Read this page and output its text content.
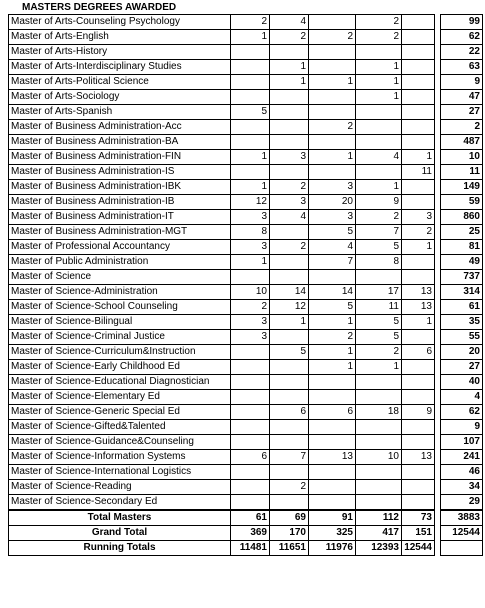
MASTERS DEGREES AWARDED
Master of Arts-Counseling Psychology	2	4		2			99
Master of Arts-English	1	2	2	2			62
Master of Arts-History							22
Master of Arts-Interdisciplinary Studies		1		1			63
Master of Arts-Political Science		1	1	1			9
Master of Arts-Sociology				1			47
Master of Arts-Spanish	5						27
Master of Business Administration-Acc			2				2
Master of Business Administration-BA							487
Master of Business Administration-FIN	1	3	1	4	1		10
Master of Business Administration-IS					11		11
Master of Business Administration-IBK	1	2	3	1			149
Master of Business Administration-IB	12	3	20	9			59
Master of Business Administration-IT	3	4	3	2	3		860
Master of Business Administration-MGT	8		5	7	2		25
Master of Professional Accountancy	3	2	4	5	1		81
Master of Public Administration	1		7	8			49
Master of Science							737
Master of Science-Administration	10	14	14	17	13		314
Master of Science-School Counseling	2	12	5	11	13		61
Master of Science-Bilingual	3	1	1	5	1		35
Master of Science-Criminal Justice	3		2	5			55
Master of Science-Curriculum&Instruction		5	1	2	6		20
Master of Science-Early Childhood Ed			1	1			27
Master of Science-Educational Diagnostician							40
Master of Science-Elementary Ed							4
Master of Science-Generic Special Ed		6	6	18	9		62
Master of Science-Gifted&Talented							9
Master of Science-Guidance&Counseling							107
Master of Science-Information Systems	6	7	13	10	13		241
Master of Science-International Logistics							46
Master of Science-Reading		2					34
Master of Science-Secondary Ed							29
Total Masters	61	69	91	112	73		3883
Grand Total	369	170	325	417	151		12544
Running Totals	11481	11651	11976	12393	12544		
